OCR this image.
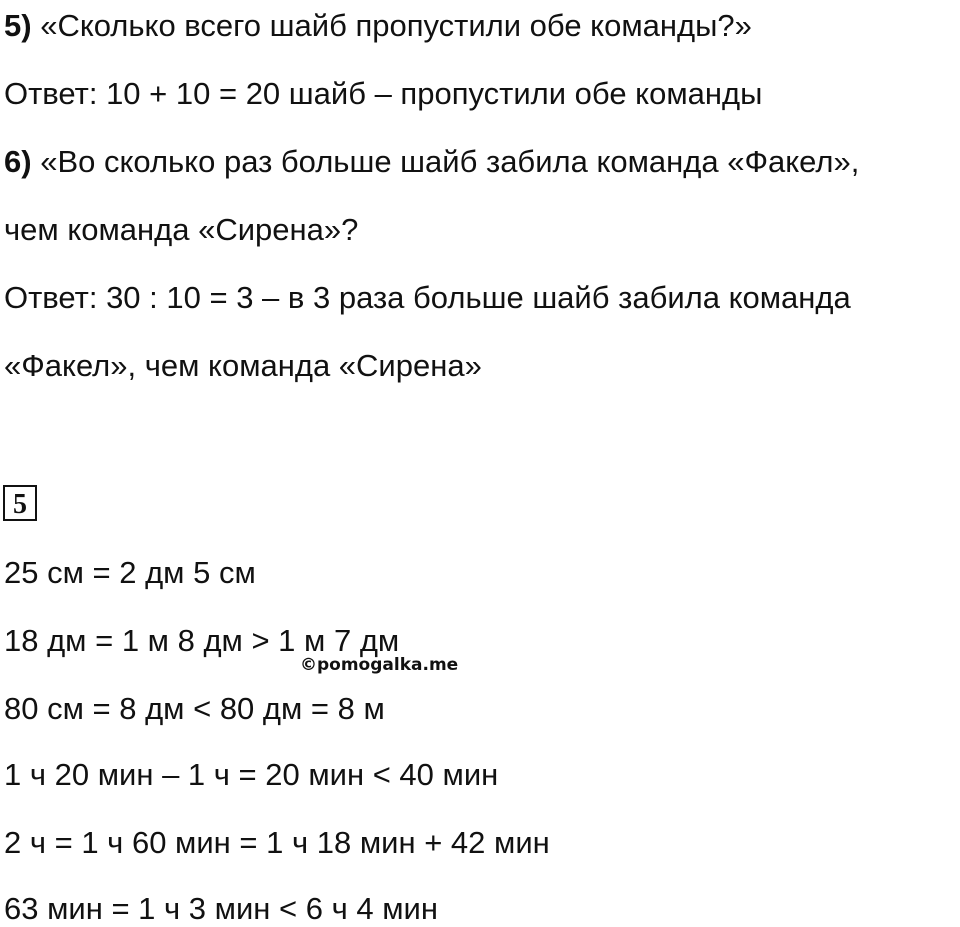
5) «Сколько всего шайб пропустили обе команды?»
Ответ: 10 + 10 = 20 шайб – пропустили обе команды
6) «Во сколько раз больше шайб забила команда «Факел»,
чем команда «Сирена»?
Ответ: 30 : 10 = 3 – в 3 раза больше шайб забила команда
«Факел», чем команда «Сирена»
5
25 см = 2 дм 5 см
18 дм = 1 м 8 дм > 1 м 7 дм
80 см = 8 дм < 80 дм = 8 м
1 ч 20 мин – 1 ч = 20 мин < 40 мин
2 ч = 1 ч 60 мин = 1 ч 18 мин + 42 мин
63 мин = 1 ч 3 мин < 6 ч 4 мин
©pomogalka.me
